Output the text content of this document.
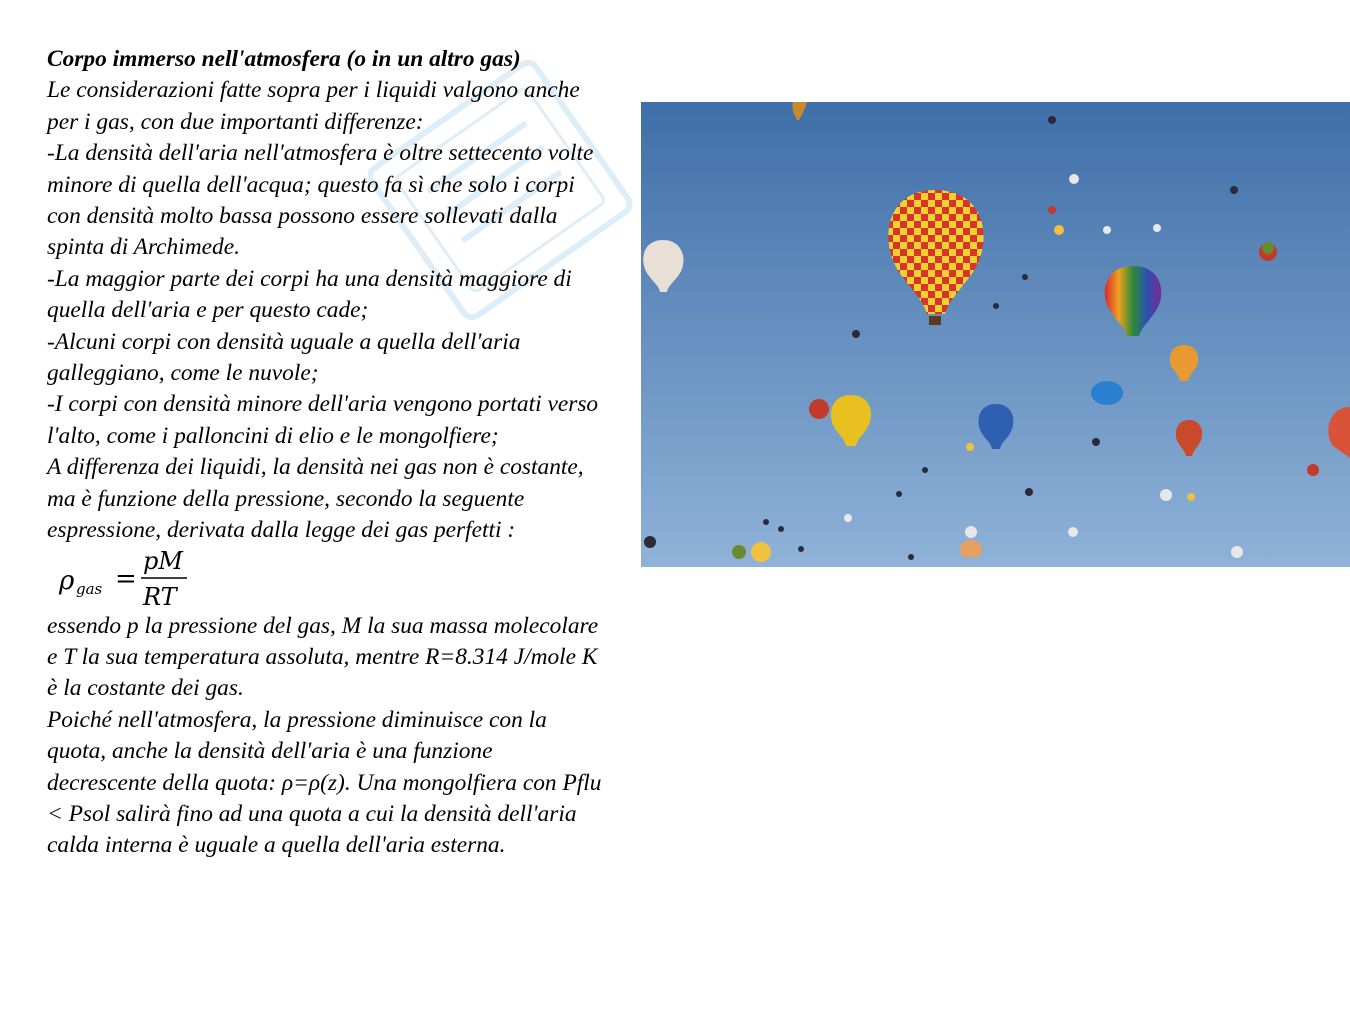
Corpo immerso nell'atmosfera (o in un altro gas)

Le considerazioni fatte sopra per i liquidi valgono anche per i gas, con due importanti differenze:

-La densità dell'aria nell'atmosfera è oltre settecento volte minore di quella dell'acqua; questo fa sì che solo i corpi con densità molto bassa possono essere sollevati dalla spinta di Archimede.

-La maggior parte dei corpi ha una densità maggiore di quella dell'aria e per questo cade;

-Alcuni corpi con densità uguale a quella dell'aria galleggiano, come le nuvole;

-I corpi con densità minore dell'aria vengono portati verso l'alto, come i palloncini di elio e le mongolfiere;

A differenza dei liquidi, la densità nei gas non è costante, ma è funzione della pressione, secondo la seguente espressione, derivata dalla legge dei gas perfetti :

ρ gas =
pM
RT

essendo p la pressione del gas, M la sua massa molecolare e T la sua temperatura assoluta, mentre R=8.314 J/mole K è la costante dei gas.

Poiché nell'atmosfera, la pressione diminuisce con la quota, anche la densità dell'aria è una funzione decrescente della quota: ρ=ρ(z). Una mongolfiera con Pflu < Psol salirà fino ad una quota a cui la densità dell'aria calda interna è uguale a quella dell'aria esterna.
